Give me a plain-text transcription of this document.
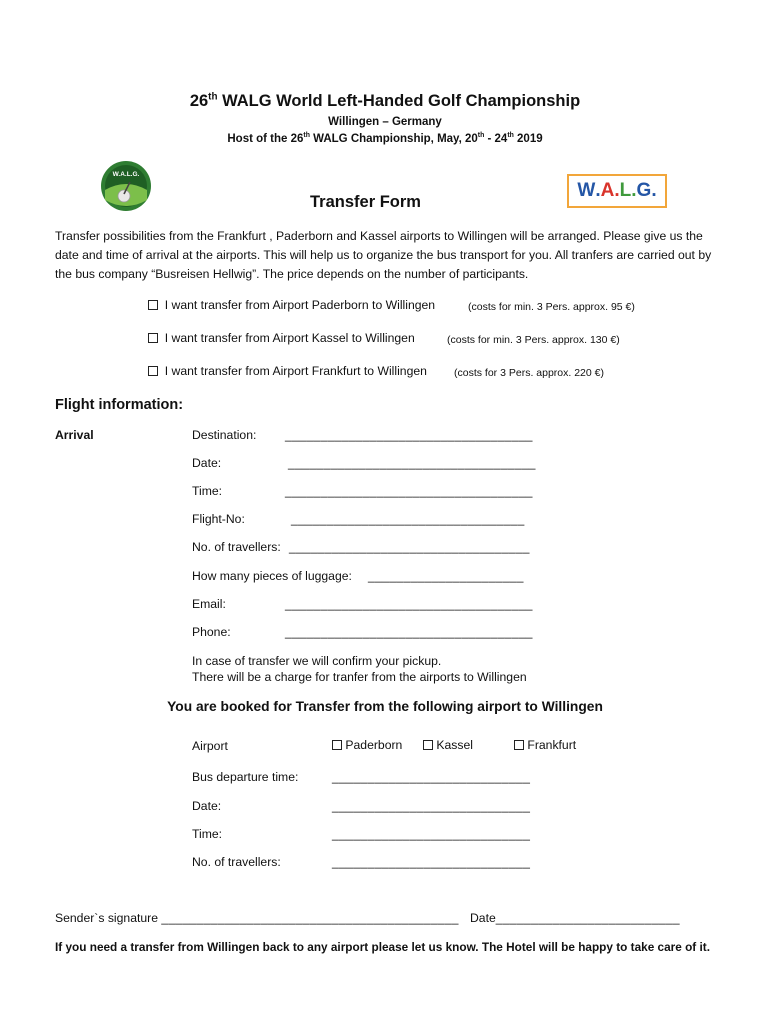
26th WALG World Left-Handed Golf Championship
Willingen – Germany
Host of the 26th WALG Championship, May, 20th - 24th 2019
W.A.L.G.
Transfer Form
W.A.L.G.
Transfer possibilities from the Frankfurt , Paderborn and Kassel airports to Willingen will be arranged. Please give us the date and time of arrival at the airports. This will help us to organize the bus transport for you. All tranfers are carried out by the bus company “Busreisen Hellwig”. The price depends on the number of participants.
I want transfer from Airport Paderborn to Willingen	(costs for min. 3 Pers. approx. 95 €)
I want transfer from Airport Kassel to Willingen	(costs for min. 3 Pers. approx. 130 €)
I want transfer from Airport Frankfurt to Willingen	(costs for 3 Pers. approx. 220 €)
Flight information:
Arrival	Destination: ___________________________________
Date:	___________________________________
Time:	___________________________________
Flight-No:	_________________________________
No. of travellers: __________________________________
How many pieces of luggage: ______________________
Email:	___________________________________
Phone:	___________________________________
In case of transfer we will confirm your pickup.
There will be a charge for tranfer from the airports to Willingen
You are booked for Transfer from the following airport to Willingen
Airport	Paderborn	Kassel	Frankfurt
Bus departure time:	____________________________
Date:	____________________________
Time:	____________________________
No. of travellers:	____________________________
Sender`s signature __________________________________________ Date__________________________
If you need a transfer from Willingen back to any airport please let us know. The Hotel will be happy to take care of it.
